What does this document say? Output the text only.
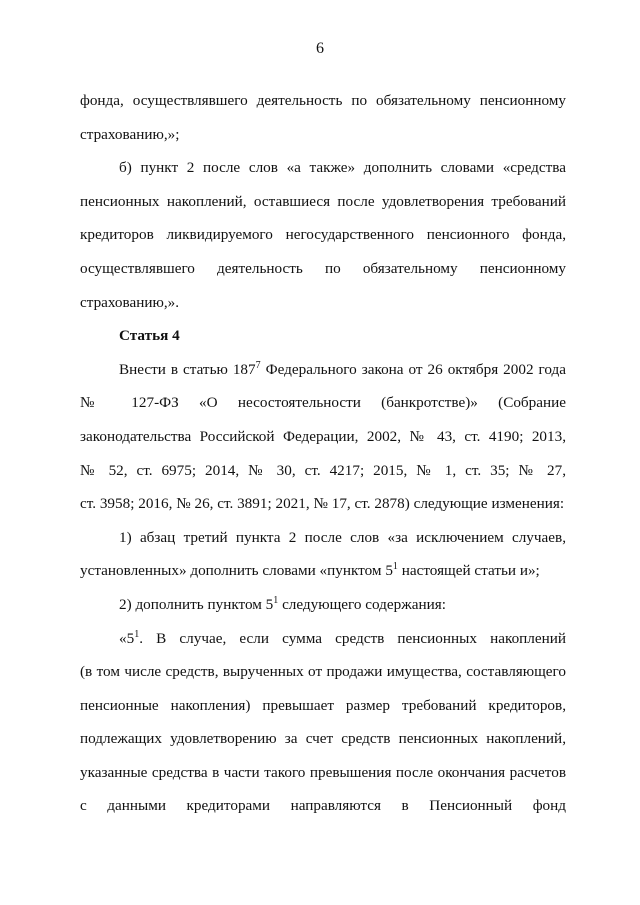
6
фонда, осуществлявшего деятельность по обязательному пенсионному
страхованию,»;
б) пункт 2 после слов «а также» дополнить словами «средства
пенсионных накоплений, оставшиеся после удовлетворения требований
кредиторов ликвидируемого негосударственного пенсионного фонда,
осуществлявшего деятельность по обязательному пенсионному
страхованию,».
Статья 4
Внести в статью $187^7$ Федерального закона от 26 октября 2002 года
№ 127-ФЗ «О несостоятельности (банкротстве)» (Собрание
законодательства Российской Федерации, 2002, № 43, ст. 4190; 2013,
№ 52, ст. 6975; 2014, № 30, ст. 4217; 2015, № 1, ст. 35; № 27,
ст. 3958; 2016, № 26, ст. 3891; 2021, № 17, ст. 2878) следующие изменения:
1) абзац третий пункта 2 после слов «за исключением случаев,
установленных» дополнить словами «пунктом $5^1$ настоящей статьи и»;
2) дополнить пунктом $5^1$ следующего содержания:
«$5^1$. В случае, если сумма средств пенсионных накоплений
(в том числе средств, вырученных от продажи имущества, составляющего
пенсионные накопления) превышает размер требований кредиторов,
подлежащих удовлетворению за счет средств пенсионных накоплений,
указанные средства в части такого превышения после окончания расчетов
с данными кредиторами направляются в Пенсионный фонд
